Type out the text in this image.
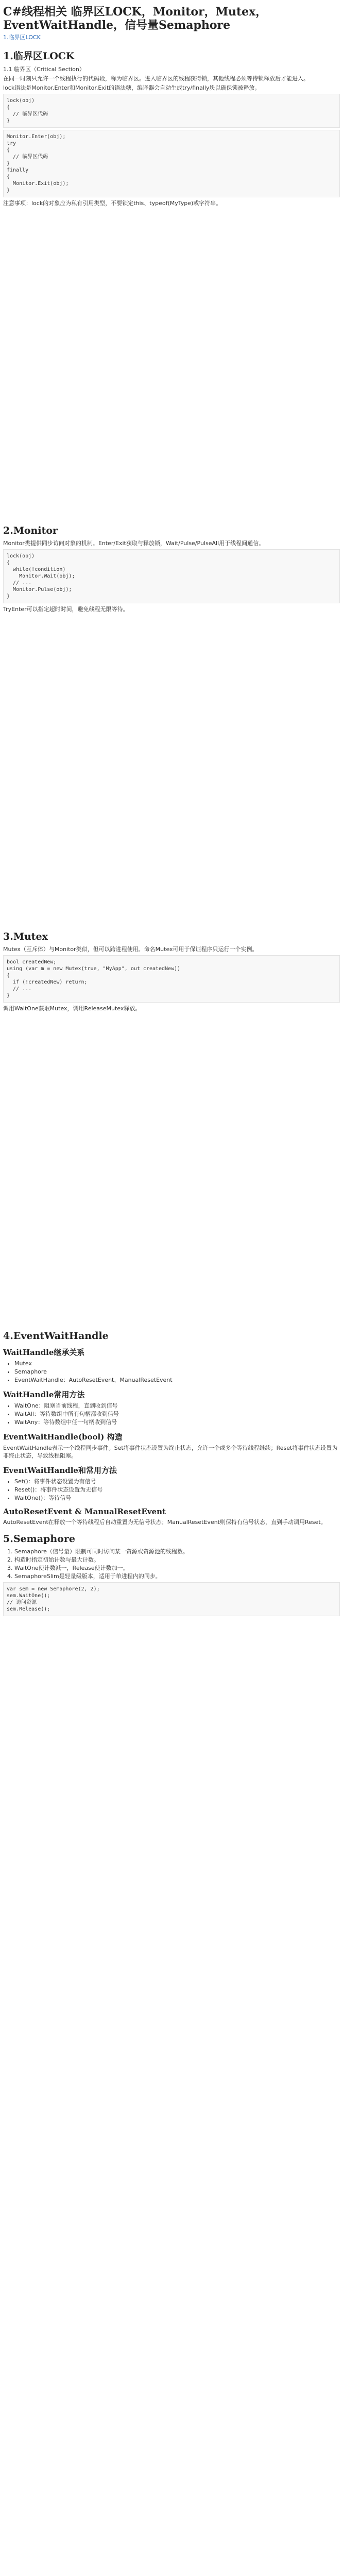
C#线程相关 临界区LOCK，Monitor，Mutex，EventWaitHandle，信号量Semaphore

1.临界区LOCK

1.临界区LOCK

1.1 临界区（Critical Section）

在同一时刻只允许一个线程执行的代码段，称为临界区。进入临界区的线程获得锁，其他线程必须等待锁释放后才能进入。

lock语法是Monitor.Enter和Monitor.Exit的语法糖，编译器会自动生成try/finally块以确保锁被释放。

lock(obj)
{
// 临界区代码
}
Monitor.Enter(obj);
try
{
// 临界区代码
}
finally
{
Monitor.Exit(obj);
}

注意事项：lock的对象应为私有引用类型，不要锁定this、typeof(MyType)或字符串。

2.Monitor

Monitor类提供同步访问对象的机制。Enter/Exit获取与释放锁，Wait/Pulse/PulseAll用于线程间通信。

lock(obj)
{
while(!condition)
Monitor.Wait(obj);
// ...
Monitor.Pulse(obj);
}

TryEnter可以指定超时时间，避免线程无限等待。

3.Mutex

Mutex（互斥体）与Monitor类似，但可以跨进程使用。命名Mutex可用于保证程序只运行一个实例。

bool createdNew;
using (var m = new Mutex(true, "MyApp", out createdNew))
{
if (!createdNew) return;
// ...
}

调用WaitOne获取Mutex，调用ReleaseMutex释放。

4.EventWaitHandle
WaitHandle继承关系
• Mutex
• Semaphore
• EventWaitHandle：AutoResetEvent、ManualResetEvent
WaitHandle常用方法
• WaitOne：阻塞当前线程，直到收到信号
• WaitAll：等待数组中所有句柄都收到信号
• WaitAny：等待数组中任一句柄收到信号
EventWaitHandle(bool) 构造

EventWaitHandle表示一个线程同步事件。Set将事件状态设置为终止状态，允许一个或多个等待线程继续；Reset将事件状态设置为非终止状态，导致线程阻塞。

EventWaitHandle和常用方法
• Set()：将事件状态设置为有信号
• Reset()：将事件状态设置为无信号
• WaitOne()：等待信号
AutoResetEvent & ManualResetEvent

AutoResetEvent在释放一个等待线程后自动重置为无信号状态；ManualResetEvent则保持有信号状态，直到手动调用Reset。

5.Semaphore
1. Semaphore（信号量）限制可同时访问某一资源或资源池的线程数。
2. 构造时指定初始计数与最大计数。
3. WaitOne使计数减一，Release使计数加一。
4. SemaphoreSlim是轻量级版本，适用于单进程内的同步。
var sem = new Semaphore(2, 2);
sem.WaitOne();
// 访问资源
sem.Release();
